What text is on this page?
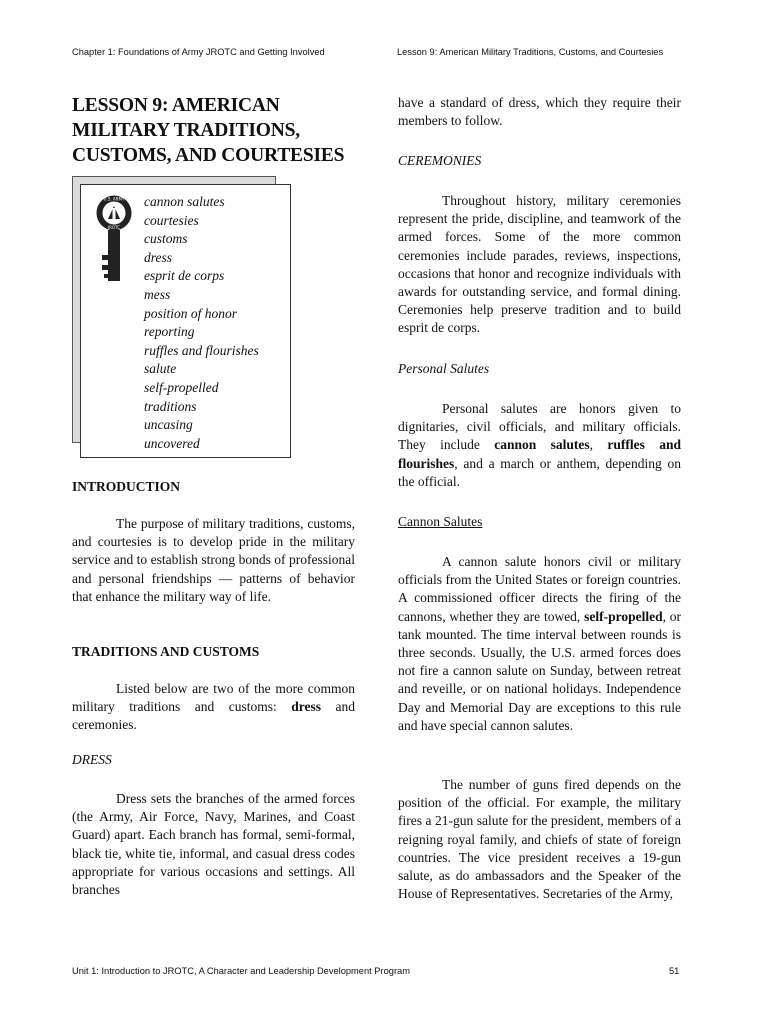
Chapter 1: Foundations of Army JROTC and Getting Involved	Lesson 9: American Military Traditions, Customs, and Courtesies
LESSON 9: AMERICAN
MILITARY TRADITIONS,
CUSTOMS, AND COURTESIES
U.S. ARMY
JROTC
cannon salutes
courtesies
customs
dress
esprit de corps
mess
position of honor
reporting
ruffles and flourishes
salute
self-propelled
traditions
uncasing
uncovered
INTRODUCTION
The purpose of military traditions, customs, and courtesies is to develop pride in the military service and to establish strong bonds of professional and personal friendships — patterns of behavior that enhance the military way of life.
TRADITIONS AND CUSTOMS
Listed below are two of the more common military traditions and customs: dress and ceremonies.
DRESS
Dress sets the branches of the armed forces (the Army, Air Force, Navy, Marines, and Coast Guard) apart. Each branch has formal, semi-formal, black tie, white tie, informal, and casual dress codes appropriate for various occasions and settings. All branches
have a standard of dress, which they require their members to follow.
CEREMONIES
Throughout history, military ceremonies represent the pride, discipline, and teamwork of the armed forces. Some of the more common ceremonies include parades, reviews, inspections, occasions that honor and recognize individuals with awards for outstanding service, and formal dining. Ceremonies help preserve tradition and to build esprit de corps.
Personal Salutes
Personal salutes are honors given to dignitaries, civil officials, and military officials. They include cannon salutes, ruffles and flourishes, and a march or anthem, depending on the official.
Cannon Salutes
A cannon salute honors civil or military officials from the United States or foreign countries. A commissioned officer directs the firing of the cannons, whether they are towed, self-propelled, or tank mounted. The time interval between rounds is three seconds. Usually, the U.S. armed forces does not fire a cannon salute on Sunday, between retreat and reveille, or on national holidays. Independence Day and Memorial Day are exceptions to this rule and have special cannon salutes.
The number of guns fired depends on the position of the official. For example, the military fires a 21-gun salute for the president, members of a reigning royal family, and chiefs of state of foreign countries. The vice president receives a 19-gun salute, as do ambassadors and the Speaker of the House of Representatives. Secretaries of the Army,
Unit 1: Introduction to JROTC, A Character and Leadership Development Program	51
